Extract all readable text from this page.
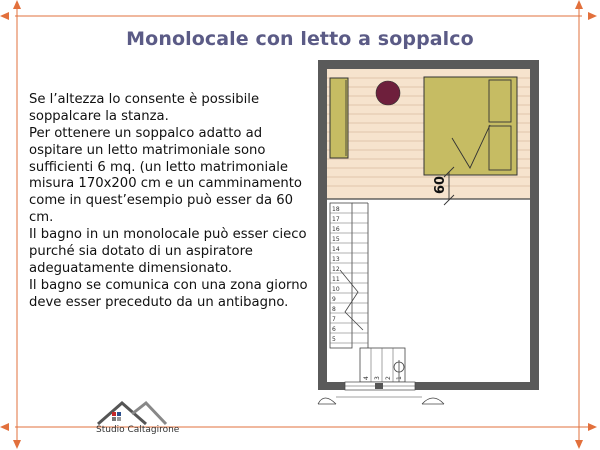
60
18
17
16
15
14
13
12
11
10
9
8
7
6
5
4 3 2 1
Monolocale con letto a soppalco

Se l’altezza lo consente è possibile soppalcare la stanza.

Per ottenere un soppalco adatto ad ospitare un letto matrimoniale sono sufficienti 6 mq. (un letto matrimoniale misura 170x200 cm e un camminamento come in quest’esempio può esser da 60 cm.

Il bagno in un monolocale può esser cieco purché sia dotato di un aspiratore adeguatamente dimensionato.

Il bagno se comunica con una zona giorno deve esser preceduto da un antibagno.

Studio Caltagirone
